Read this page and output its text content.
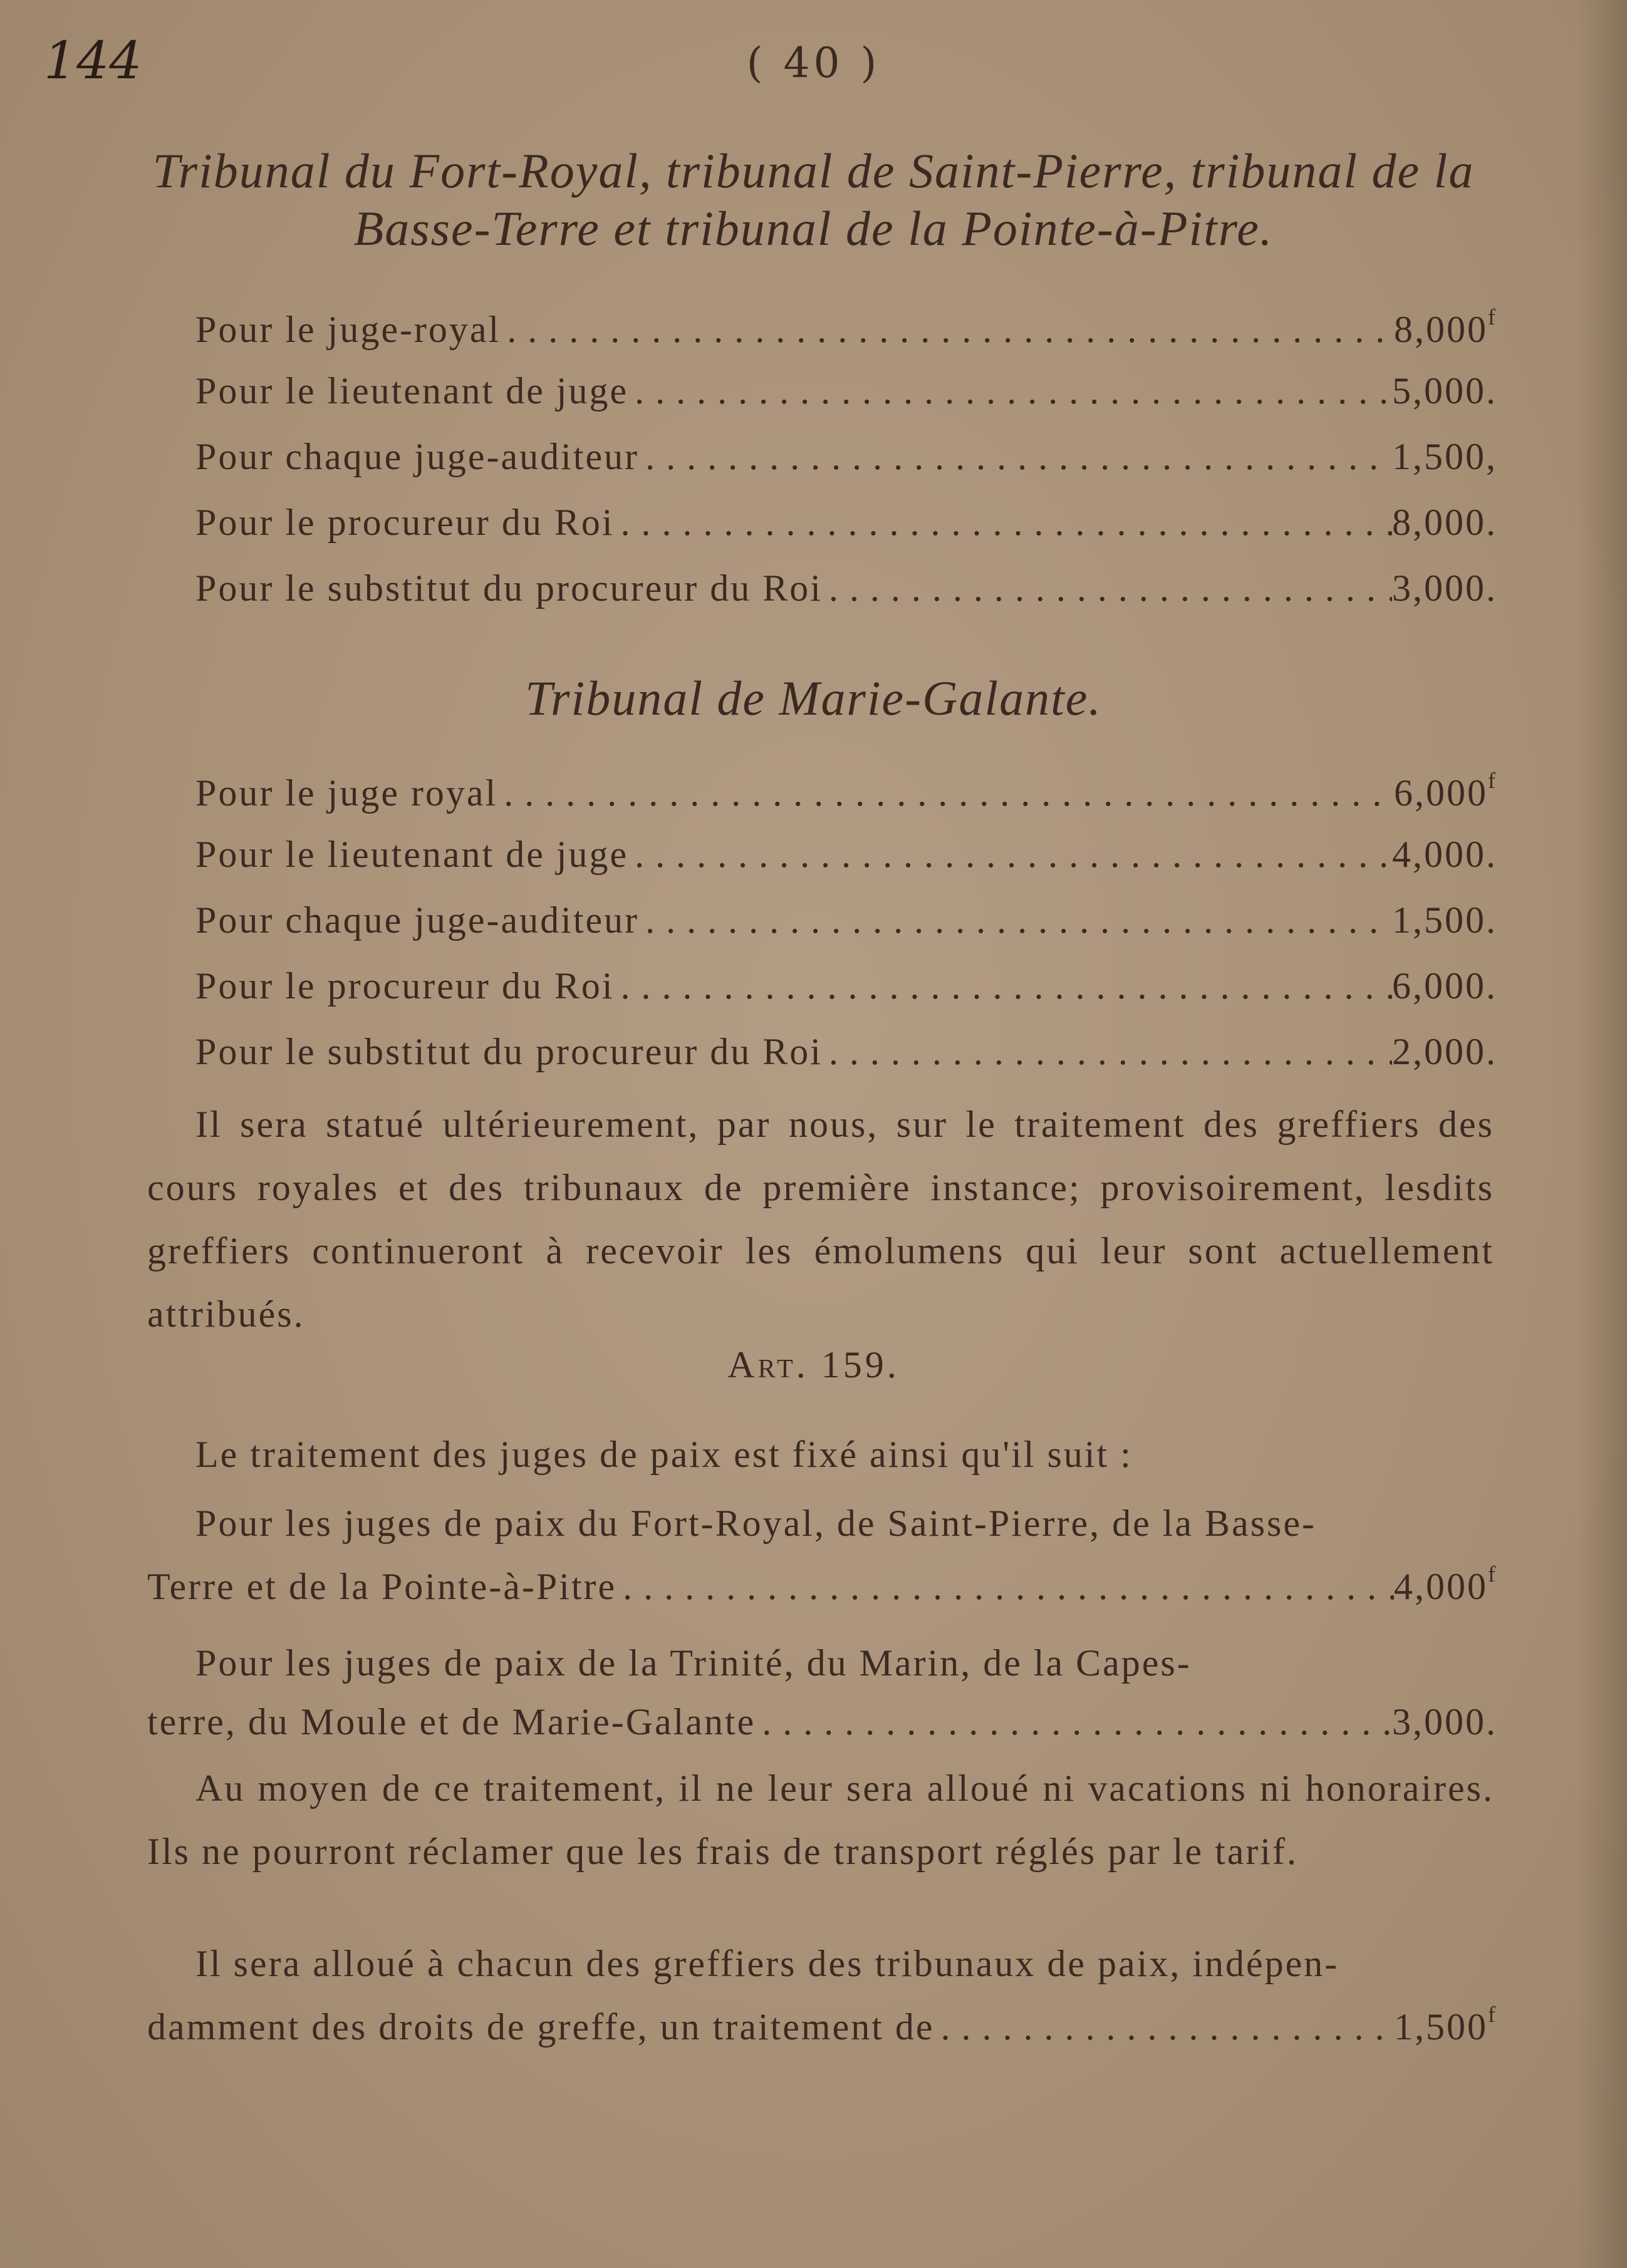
144	( 40 )
Tribunal du Fort-Royal, tribunal de Saint-Pierre, tribunal de la
Basse-Terre et tribunal de la Pointe-à-Pitre.
Pour le juge-royal .....	8,000$^f$
Pour le lieutenant de juge .....	5,000.
Pour chaque juge-auditeur .....	1,500,
Pour le procureur du Roi .....	8,000.
Pour le substitut du procureur du Roi .....	3,000.
Tribunal de Marie-Galante.
Pour le juge royal .....	6,000$^f$
Pour le lieutenant de juge .....	4,000.
Pour chaque juge-auditeur .....	1,500.
Pour le procureur du Roi .....	6,000.
Pour le substitut du procureur du Roi .....	2,000.
Il sera statué ultérieurement, par nous, sur le traitement des greffiers des cours royales et des tribunaux de première instance; provisoirement, lesdits greffiers continueront à recevoir les émolumens qui leur sont actuellement attribués.
Art. 159.
Le traitement des juges de paix est fixé ainsi qu'il suit :
Pour les juges de paix du Fort-Royal, de Saint-Pierre, de la Basse-
Terre et de la Pointe-à-Pitre .....	4,000$^f$
Pour les juges de paix de la Trinité, du Marin, de la Capes-
terre, du Moule et de Marie-Galante .....	3,000.
Au moyen de ce traitement, il ne leur sera alloué ni vacations ni honoraires. Ils ne pourront réclamer que les frais de transport réglés par le tarif.
Il sera alloué à chacun des greffiers des tribunaux de paix, indépen-
damment des droits de greffe, un traitement de .....	1,500$^f$
